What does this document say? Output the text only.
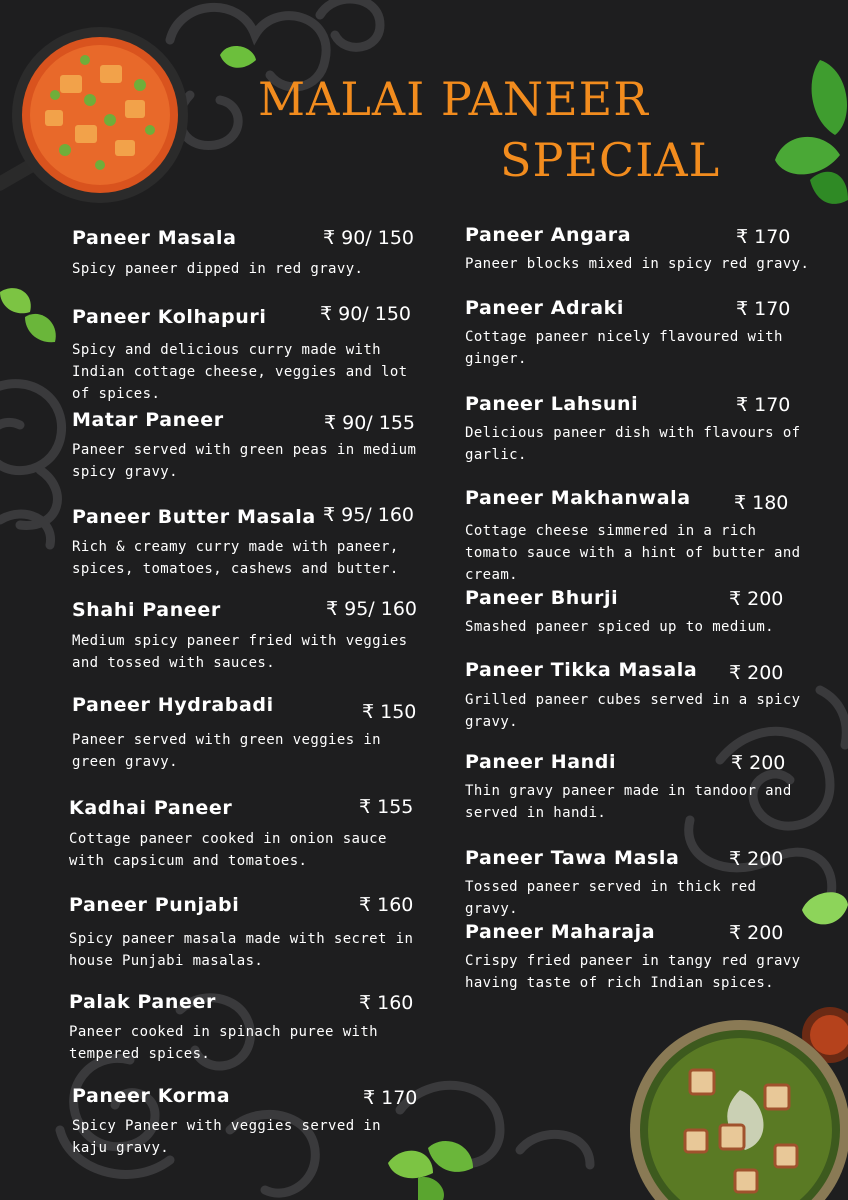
MALAI PANEER
SPECIAL
Paneer Masala	₹ 90/ 150
Spicy paneer dipped in red gravy.
Paneer Kolhapuri	₹ 90/ 150
Spicy and delicious curry made with Indian cottage cheese, veggies and lot of spices.
Matar Paneer	₹ 90/ 155
Paneer served with green peas in medium spicy gravy.
Paneer Butter Masala ₹ 95/ 160
Rich & creamy curry made with paneer, spices, tomatoes, cashews and butter.
Shahi Paneer	₹ 95/ 160
Medium spicy paneer fried with veggies and tossed with sauces.
Paneer Hydrabadi	₹ 150
Paneer served with green veggies in green gravy.
Kadhai Paneer	₹ 155
Cottage paneer cooked in onion sauce with capsicum and tomatoes.
Paneer Punjabi	₹ 160
Spicy paneer masala made with secret in house Punjabi masalas.
Palak Paneer	₹ 160
Paneer cooked in spinach puree with tempered spices.
Paneer Korma	₹ 170
Spicy Paneer with veggies served in kaju gravy.
Paneer Angara	₹ 170
Paneer blocks mixed in spicy red gravy.
Paneer Adraki	₹ 170
Cottage paneer nicely flavoured with ginger.
Paneer Lahsuni	₹ 170
Delicious paneer dish with flavours of garlic.
Paneer Makhanwala ₹ 180
Cottage cheese simmered in a rich tomato sauce with a hint of butter and cream.
Paneer Bhurji	₹ 200
Smashed paneer spiced up to medium.
Paneer Tikka Masala ₹ 200
Grilled paneer cubes served in a spicy gravy.
Paneer Handi	₹ 200
Thin gravy paneer made in tandoor and served in handi.
Paneer Tawa Masla	₹ 200
Tossed paneer served in thick red gravy.
Paneer Maharaja	₹ 200
Crispy fried paneer in tangy red gravy having taste of rich Indian spices.
